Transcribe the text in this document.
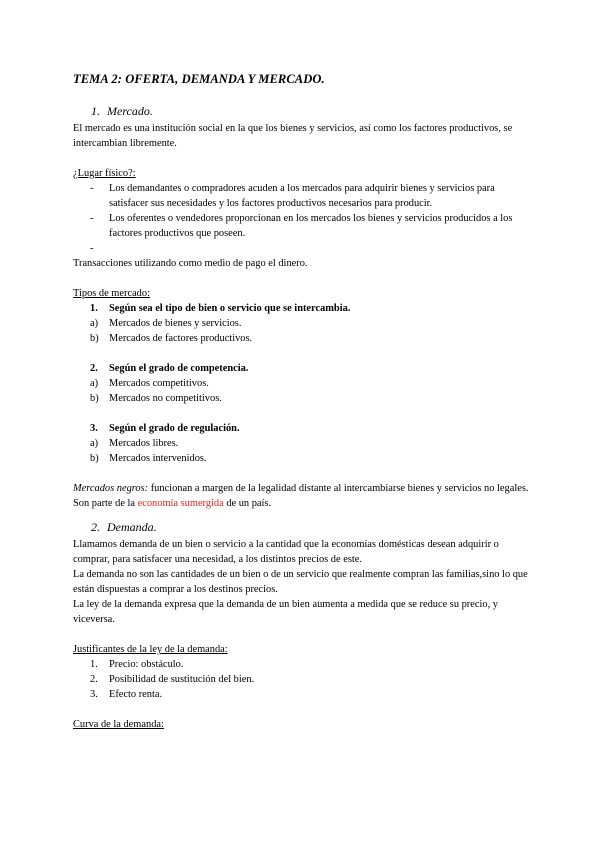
TEMA 2: OFERTA, DEMANDA Y MERCADO.

1. Mercado.

El mercado es una institución social en la que los bienes y servicios, así como los factores productivos, se intercambian libremente.

¿Lugar físico?:

-	Los demandantes o compradores acuden a los mercados para adquirir bienes y servicios para satisfacer sus necesidades y los factores productivos necesarios para producir.
-	Los oferentes o vendedores proporcionan en los mercados los bienes y servicios producidos a los factores productivos que poseen.
-

Transacciones utilizando como medio de pago el dinero.

Tipos de mercado:

1.	Según sea el tipo de bien o servicio que se intercambia.
a)	Mercados de bienes y servicios.
b) Mercados de factores productivos.
2.	Según el grado de competencia.
a)	Mercados competitivos.
b) Mercados no competitivos.
3.	Según el grado de regulación.
a)	Mercados libres.
b) Mercados intervenidos.

Mercados negros: funcionan a margen de la legalidad distante al intercambiarse bienes y servicios no legales. Son parte de la economía sumergida de un país.

2. Demanda.

Llamamos demanda de un bien o servicio a la cantidad que la economías domésticas desean adquirir o comprar, para satisfacer una necesidad, a los distintos precios de este.

La demanda no son las cantidades de un bien o de un servicio que realmente compran las familias,sino lo que están dispuestas a comprar a los destinos precios.

La ley de la demanda expresa que la demanda de un bien aumenta a medida que se reduce su precio, y viceversa.

Justificantes de la ley de la demanda:

1.	Precio: obstáculo.
2.	Posibilidad de sustitución del bien.
3.	Efecto renta.

Curva de la demanda:
